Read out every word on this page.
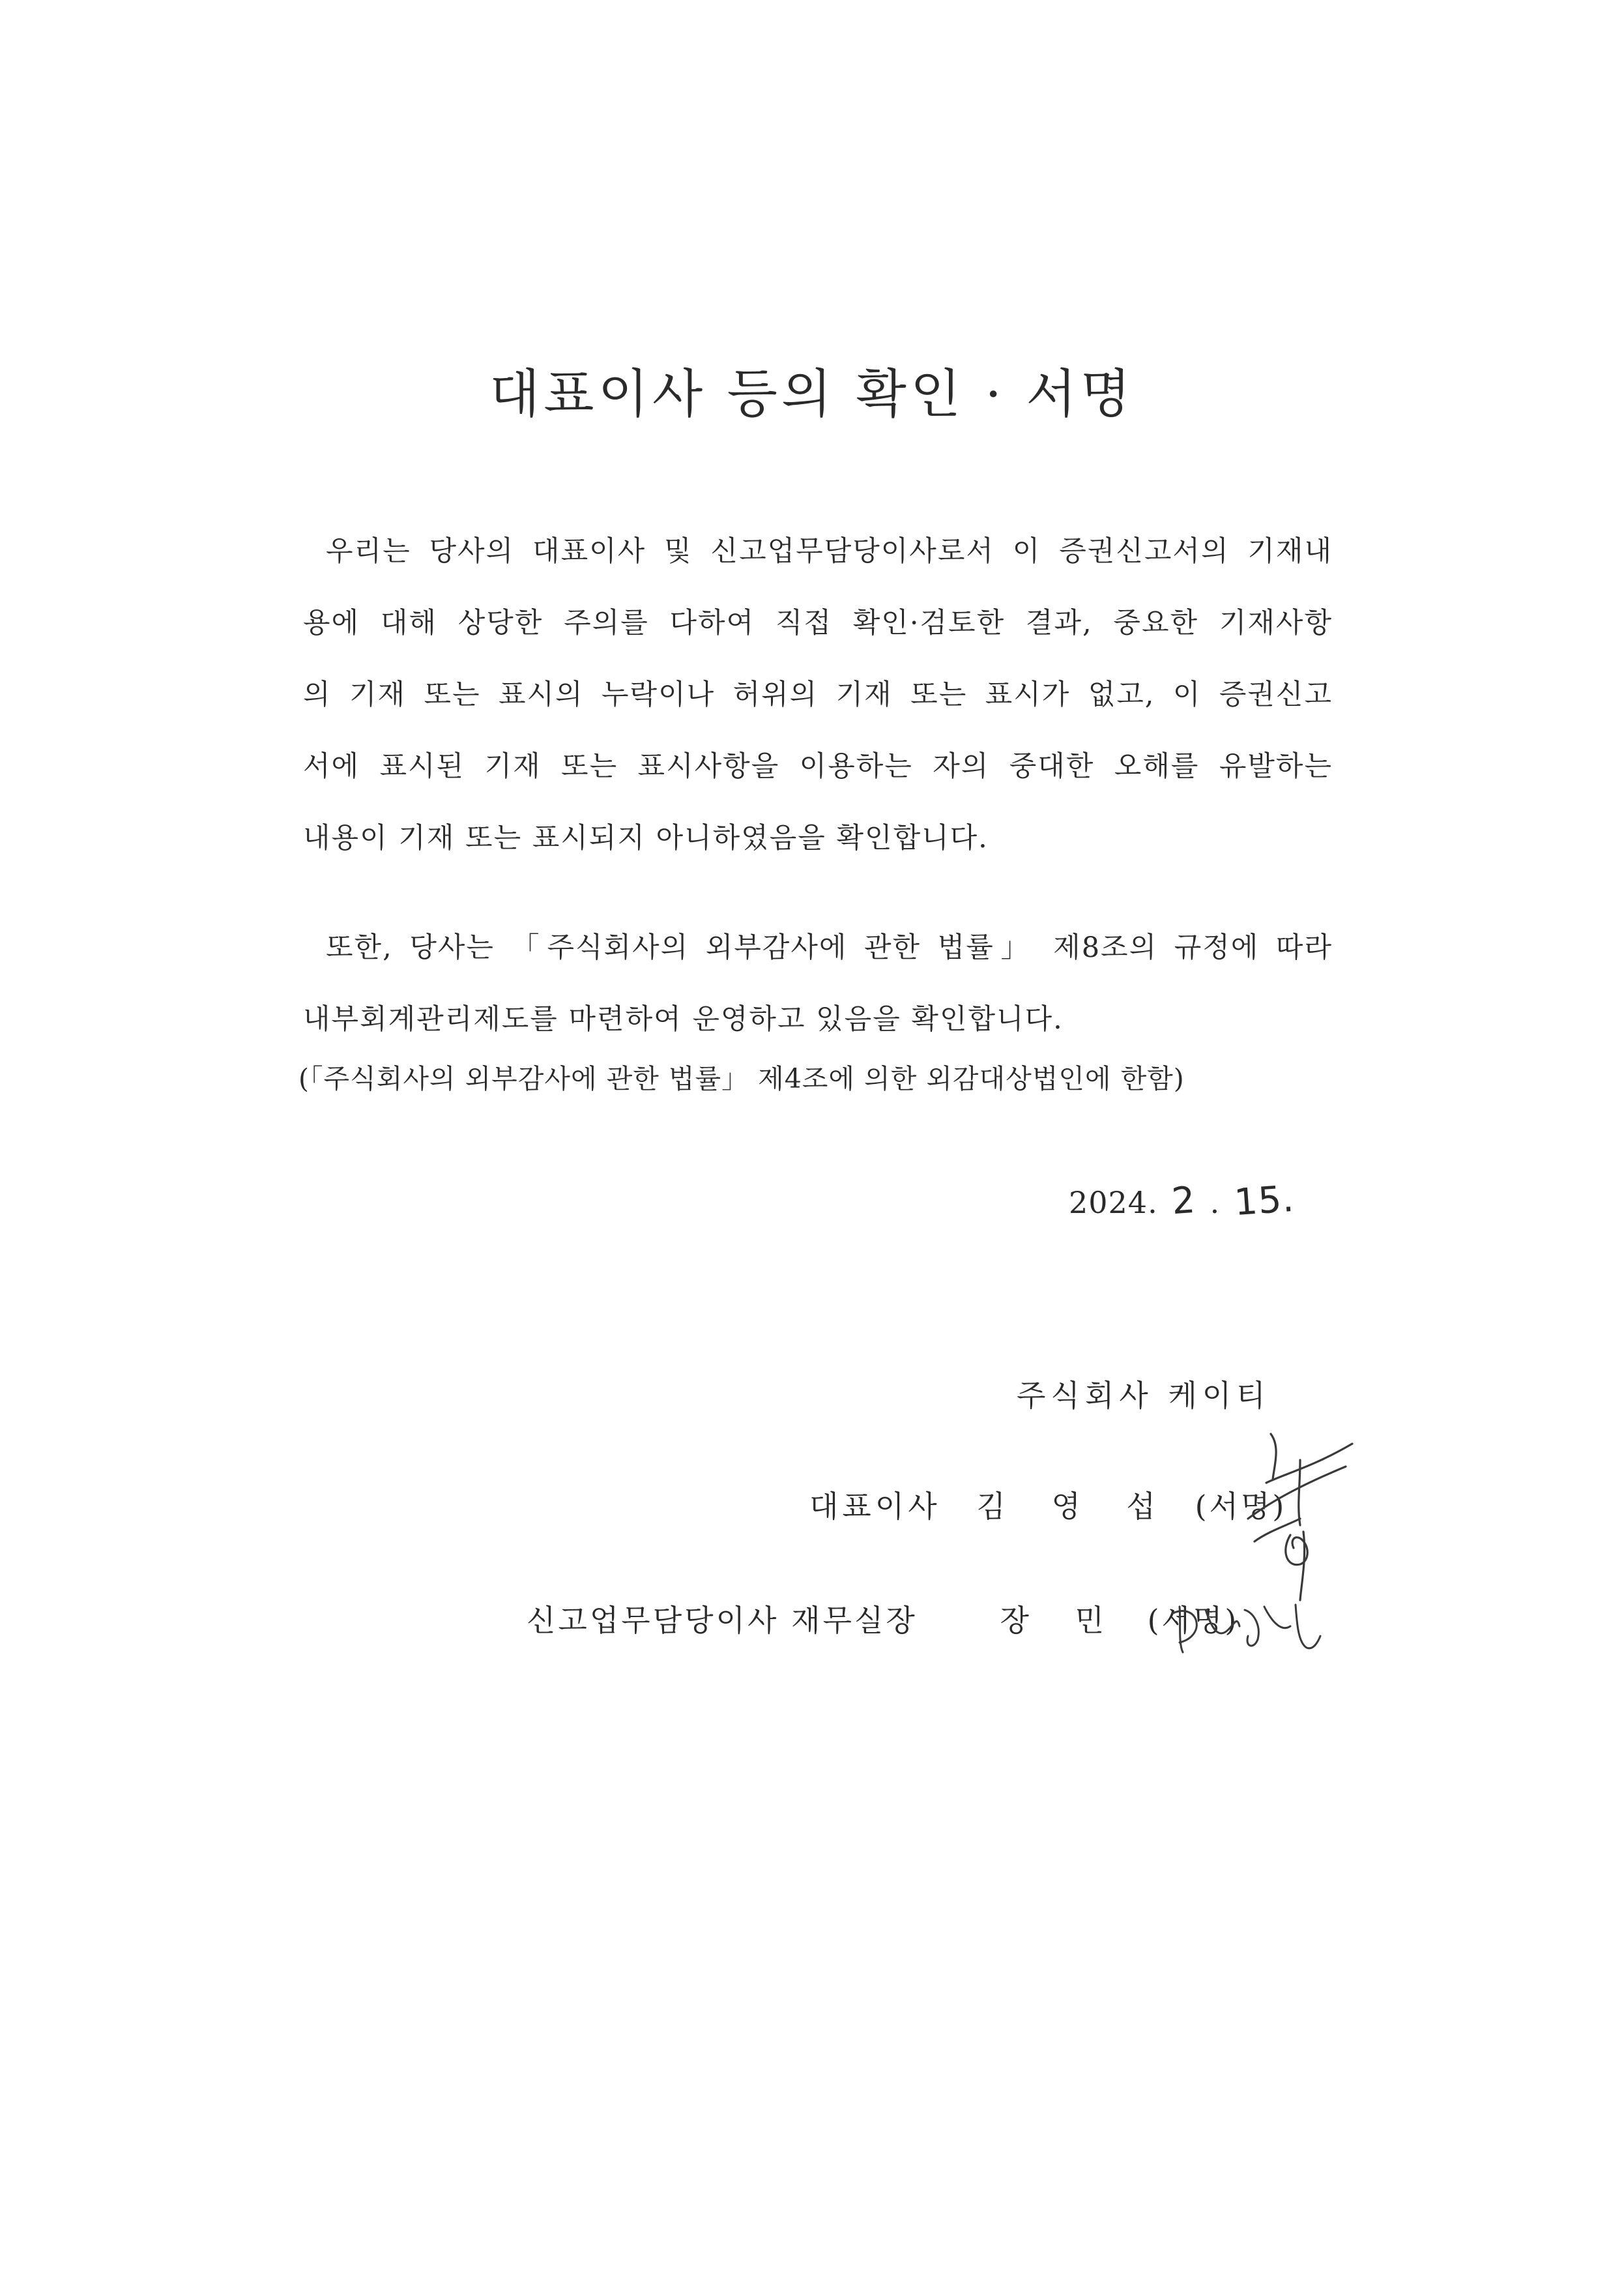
대표이사 등의 확인 · 서명
우리는 당사의 대표이사 및 신고업무담당이사로서 이 증권신고서의 기재내
용에 대해 상당한 주의를 다하여 직접 확인·검토한 결과, 중요한 기재사항
의 기재 또는 표시의 누락이나 허위의 기재 또는 표시가 없고, 이 증권신고
서에 표시된 기재 또는 표시사항을 이용하는 자의 중대한 오해를 유발하는
내용이 기재 또는 표시되지 아니하였음을 확인합니다.
또한, 당사는 「주식회사의 외부감사에 관한 법률」 제8조의 규정에 따라
내부회계관리제도를 마련하여 운영하고 있음을 확인합니다.
(「주식회사의 외부감사에 관한 법률」 제4조에 의한 외감대상법인에 한함)
2024. 2 . 15.
주식회사 케이티
대표이사 김 영 섭 (서명)
신고업무담당이사 재무실장	장 민 (서명)
